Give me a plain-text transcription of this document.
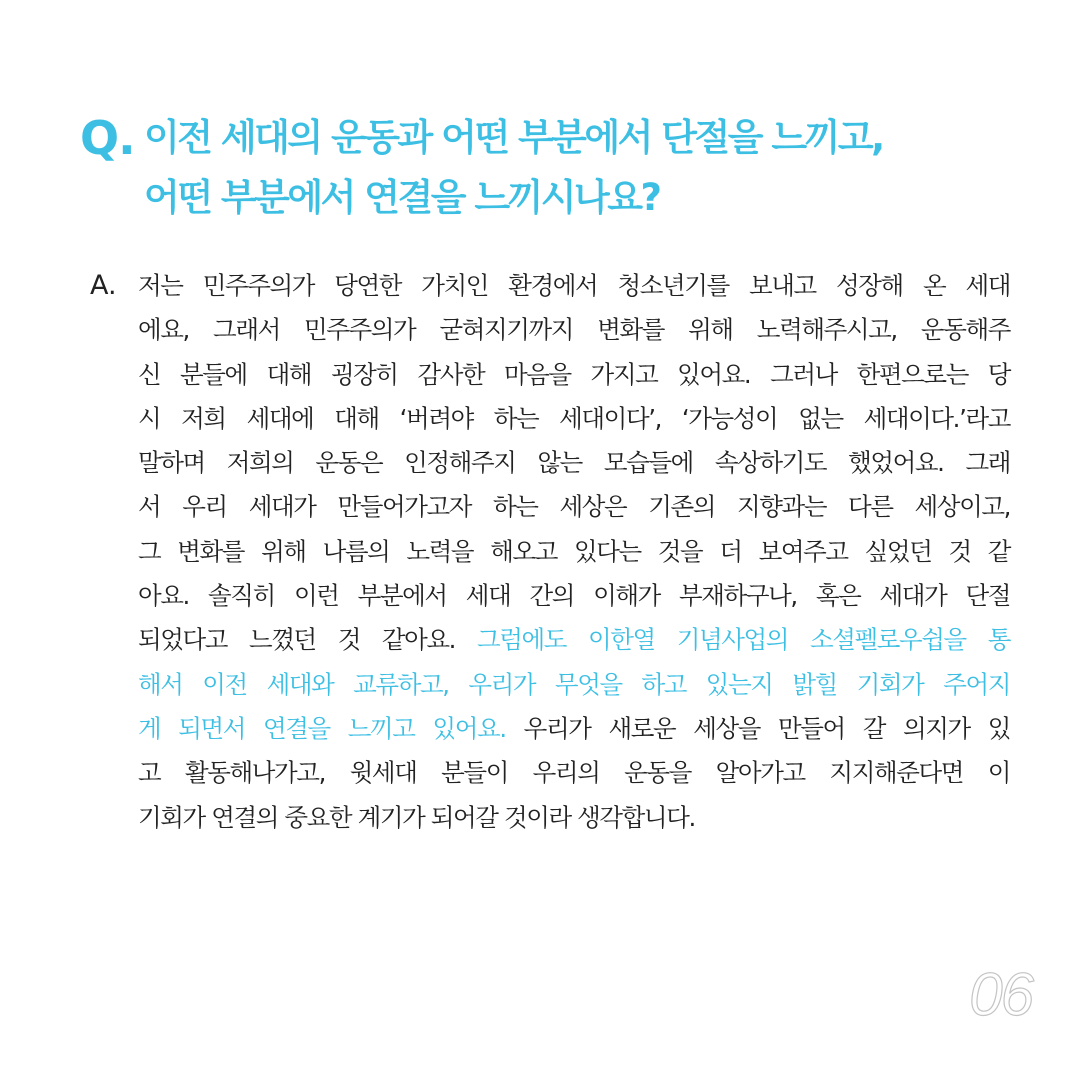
Q. 이전 세대의 운동과 어떤 부분에서 단절을 느끼고,
어떤 부분에서 연결을 느끼시나요?
A. 저는 민주주의가 당연한 가치인 환경에서 청소년기를 보내고 성장해 온 세대
에요, 그래서 민주주의가 굳혀지기까지 변화를 위해 노력해주시고, 운동해주
신 분들에 대해 굉장히 감사한 마음을 가지고 있어요. 그러나 한편으로는 당
시 저희 세대에 대해 ‘버려야 하는 세대이다’, ‘가능성이 없는 세대이다.’라고
말하며 저희의 운동은 인정해주지 않는 모습들에 속상하기도 했었어요. 그래
서 우리 세대가 만들어가고자 하는 세상은 기존의 지향과는 다른 세상이고,
그 변화를 위해 나름의 노력을 해오고 있다는 것을 더 보여주고 싶었던 것 같
아요. 솔직히 이런 부분에서 세대 간의 이해가 부재하구나, 혹은 세대가 단절
되었다고 느꼈던 것 같아요. 그럼에도 이한열 기념사업의 소셜펠로우쉽을 통
해서 이전 세대와 교류하고, 우리가 무엇을 하고 있는지 밝힐 기회가 주어지
게 되면서 연결을 느끼고 있어요. 우리가 새로운 세상을 만들어 갈 의지가 있
고 활동해나가고, 윗세대 분들이 우리의 운동을 알아가고 지지해준다면 이
기회가 연결의 중요한 계기가 되어갈 것이라 생각합니다.
06
